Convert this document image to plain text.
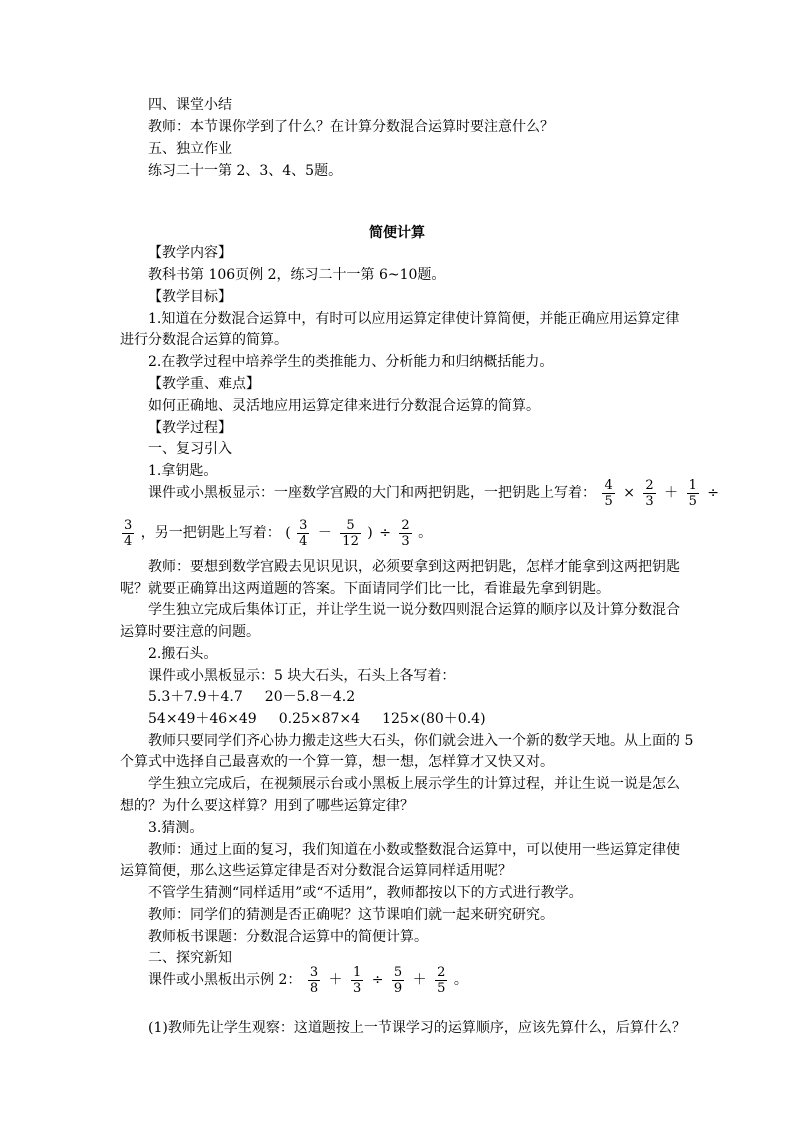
四、课堂小结
教师：本节课你学到了什么？在计算分数混合运算时要注意什么？
五、独立作业
练习二十一第 2、3、4、5题。
简便计算
【教学内容】
教科书第 106页例 2，练习二十一第 6~10题。
【教学目标】
1.知道在分数混合运算中，有时可以应用运算定律使计算简便，并能正确应用运算定律
进行分数混合运算的简算。
2.在教学过程中培养学生的类推能力、分析能力和归纳概括能力。
【教学重、难点】
如何正确地、灵活地应用运算定律来进行分数混合运算的简算。
【教学过程】
一、复习引入
1.拿钥匙。
课件或小黑板显示：一座数学宫殿的大门和两把钥匙，一把钥匙上写着： $\frac{4}{5} \times \frac{2}{3} + \frac{1}{5}$ ÷
$\frac{3}{4}$ ，另一把钥匙上写着： ( $\frac{3}{4} - \frac{5}{12}$ ) ÷ $\frac{2}{3}$ 。
教师：要想到数学宫殿去见识见识，必须要拿到这两把钥匙，怎样才能拿到这两把钥匙
呢？就要正确算出这两道题的答案。下面请同学们比一比，看谁最先拿到钥匙。
学生独立完成后集体订正，并让学生说一说分数四则混合运算的顺序以及计算分数混合
运算时要注意的问题。
2.搬石头。
课件或小黑板显示：5 块大石头，石头上各写着：
5.3＋7.9＋4.7 20－5.8－4.2
54×49＋46×49 0.25×87×4 125×(80＋0.4)
教师只要同学们齐心协力搬走这些大石头，你们就会进入一个新的数学天地。从上面的 5
个算式中选择自己最喜欢的一个算一算，想一想，怎样算才又快又对。
学生独立完成后，在视频展示台或小黑板上展示学生的计算过程，并让生说一说是怎么
想的？为什么要这样算？用到了哪些运算定律？
3.猜测。
教师：通过上面的复习，我们知道在小数或整数混合运算中，可以使用一些运算定律使
运算简便，那么这些运算定律是否对分数混合运算同样适用呢？
不管学生猜测“同样适用”或“不适用”，教师都按以下的方式进行教学。
教师：同学们的猜测是否正确呢？这节课咱们就一起来研究研究。
教师板书课题：分数混合运算中的简便计算。
二、探究新知
课件或小黑板出示例 2： $\frac{3}{8} + \frac{1}{3} \div \frac{5}{9} + \frac{2}{5}$ 。
(1)教师先让学生观察：这道题按上一节课学习的运算顺序，应该先算什么，后算什么？
